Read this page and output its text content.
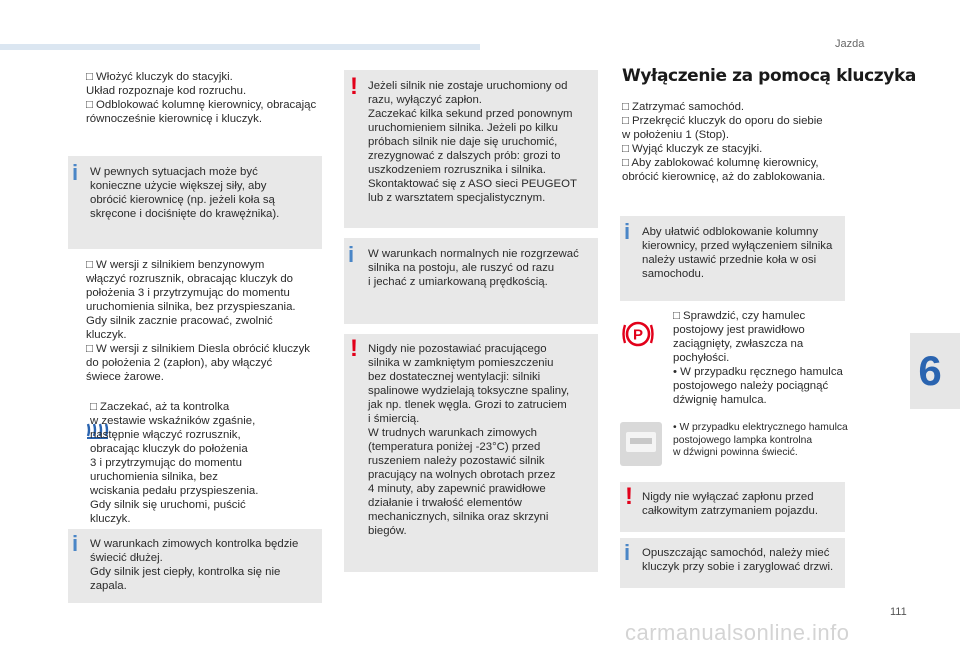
Jazda
6
111
carmanualsonline.info
□ Włożyć kluczyk do stacyjki.
Układ rozpoznaje kod rozruchu.
□ Odblokować kolumnę kierownicy, obracając
równocześnie kierownicę i kluczyk.
i W pewnych sytuacjach może być
konieczne użycie większej siły, aby
obrócić kierownicę (np. jeżeli koła są
skręcone i dociśnięte do krawężnika).
□ W wersji z silnikiem benzynowym
włączyć rozrusznik, obracając kluczyk do
położenia 3 i przytrzymując do momentu
uruchomienia silnika, bez przyspieszania.
Gdy silnik zacznie pracować, zwolnić
kluczyk.
□ W wersji z silnikiem Diesla obrócić kluczyk
do położenia 2 (zapłon), aby włączyć
świece żarowe.
□ Zaczekać, aż ta kontrolka
w zestawie wskaźników zgaśnie,
następnie włączyć rozrusznik,
obracając kluczyk do położenia
3 i przytrzymując do momentu
uruchomienia silnika, bez
wciskania pedału przyspieszenia.
Gdy silnik się uruchomi, puścić
kluczyk.
i W warunkach zimowych kontrolka będzie
świecić dłużej.
Gdy silnik jest ciepły, kontrolka się nie
zapala.
! Jeżeli silnik nie zostaje uruchomiony od
razu, wyłączyć zapłon.
Zaczekać kilka sekund przed ponownym
uruchomieniem silnika. Jeżeli po kilku
próbach silnik nie daje się uruchomić,
zrezygnować z dalszych prób: grozi to
uszkodzeniem rozrusznika i silnika.
Skontaktować się z ASO sieci PEUGEOT
lub z warsztatem specjalistycznym.
i W warunkach normalnych nie rozgrzewać
silnika na postoju, ale ruszyć od razu
i jechać z umiarkowaną prędkością.
! Nigdy nie pozostawiać pracującego
silnika w zamkniętym pomieszczeniu
bez dostatecznej wentylacji: silniki
spalinowe wydzielają toksyczne spaliny,
jak np. tlenek węgla. Grozi to zatruciem
i śmiercią.
W trudnych warunkach zimowych
(temperatura poniżej -23°C) przed
ruszeniem należy pozostawić silnik
pracujący na wolnych obrotach przez
4 minuty, aby zapewnić prawidłowe
działanie i trwałość elementów
mechanicznych, silnika oraz skrzyni
biegów.
Wyłączenie za pomocą kluczyka
□ Zatrzymać samochód.
□ Przekręcić kluczyk do oporu do siebie
w położeniu 1 (Stop).
□ Wyjąć kluczyk ze stacyjki.
□ Aby zablokować kolumnę kierownicy,
obrócić kierownicę, aż do zablokowania.
i Aby ułatwić odblokowanie kolumny
kierownicy, przed wyłączeniem silnika
należy ustawić przednie koła w osi
samochodu.
P
□ Sprawdzić, czy hamulec
postojowy jest prawidłowo
zaciągnięty, zwłaszcza na
pochyłości.
• W przypadku ręcznego hamulca
postojowego należy pociągnąć
dźwignię hamulca.
• W przypadku elektrycznego hamulca
postojowego lampka kontrolna
w dźwigni powinna świecić.
! Nigdy nie wyłączać zapłonu przed
całkowitym zatrzymaniem pojazdu.
i Opuszczając samochód, należy mieć
kluczyk przy sobie i zaryglować drzwi.
